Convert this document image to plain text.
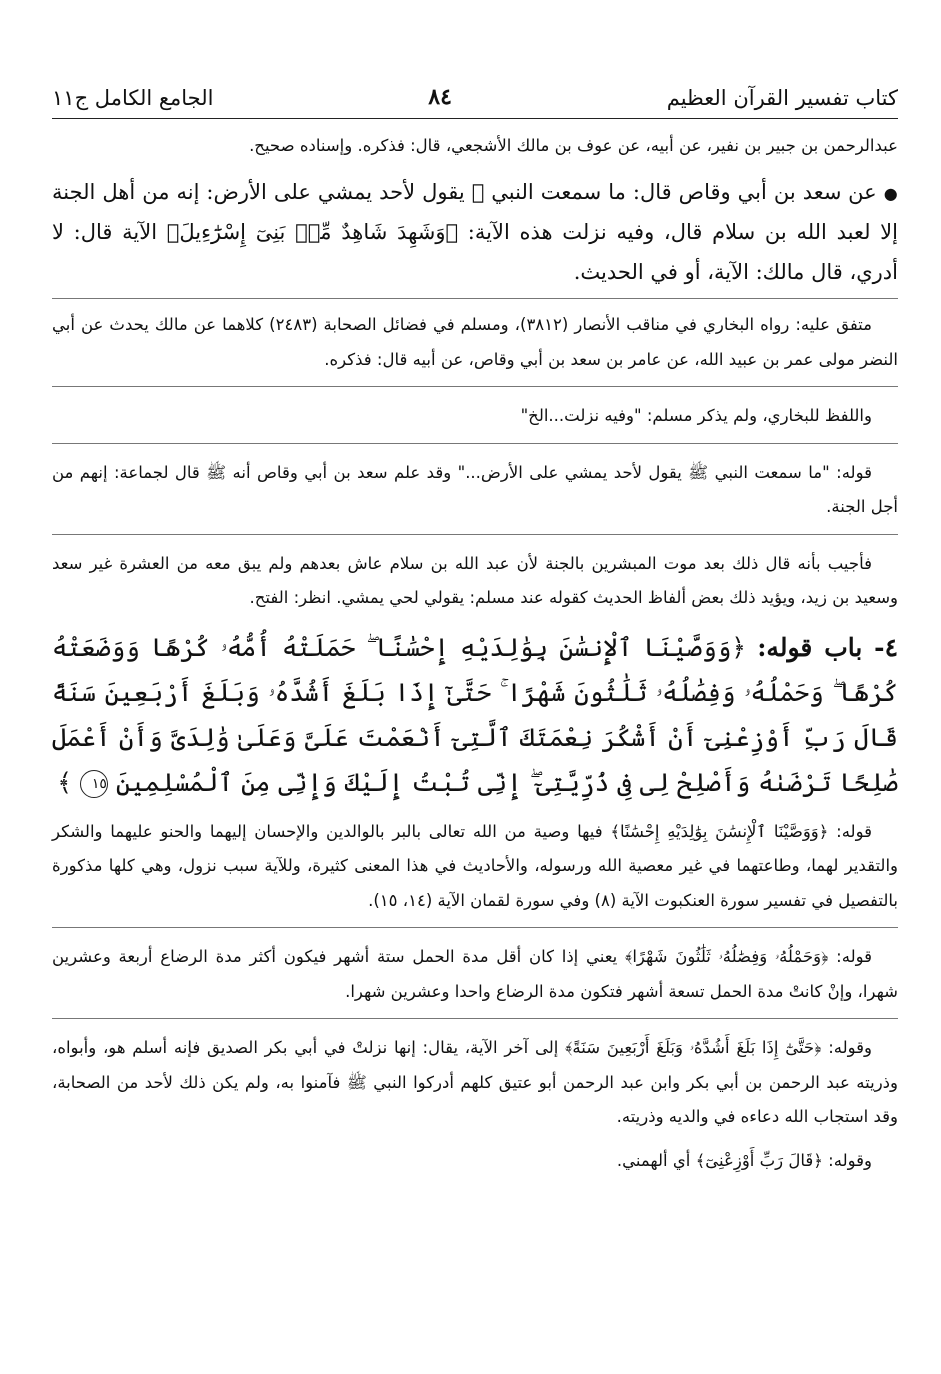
كتاب تفسير القرآن العظيم
٨٤
الجامع الكامل ج١١

عبدالرحمن بن جبير بن نفير، عن أبيه، عن عوف بن مالك الأشجعي، قال: فذكره. وإسناده صحيح.

● عن سعد بن أبي وقاص قال: ما سمعت النبي ﷺ يقول لأحد يمشي على الأرض: إنه من أهل الجنة إلا لعبد الله بن سلام قال، وفيه نزلت هذه الآية: ﴿وَشَهِدَ شَاهِدٌ مِّنۢ بَنِىٓ إِسْرَٰٓءِيلَ﴾ الآية قال: لا أدري، قال مالك: الآية، أو في الحديث.

متفق عليه: رواه البخاري في مناقب الأنصار (٣٨١٢)، ومسلم في فضائل الصحابة (٢٤٨٣) كلاهما عن مالك يحدث عن أبي النضر مولى عمر بن عبيد الله، عن عامر بن سعد بن أبي وقاص، عن أبيه قال: فذكره.

واللفظ للبخاري، ولم يذكر مسلم: "وفيه نزلت...الخ"

قوله: "ما سمعت النبي ﷺ يقول لأحد يمشي على الأرض..." وقد علم سعد بن أبي وقاص أنه ﷺ قال لجماعة: إنهم من أجل الجنة.

فأجيب بأنه قال ذلك بعد موت المبشرين بالجنة لأن عبد الله بن سلام عاش بعدهم ولم يبق معه من العشرة غير سعد وسعيد بن زيد، ويؤيد ذلك بعض ألفاظ الحديث كقوله عند مسلم: يقولي لحي يمشي. انظر: الفتح.

٤- باب قوله: ﴿وَوَصَّيْنَا ٱلْإِنسَٰنَ بِوَٰلِدَيْهِ إِحْسَٰنًا ۖ حَمَلَتْهُ أُمُّهُۥ كُرْهًا وَوَضَعَتْهُ كُرْهًا ۖ وَحَمْلُهُۥ وَفِصَٰلُهُۥ ثَلَٰثُونَ شَهْرًا ۚ حَتَّىٰٓ إِذَا بَلَغَ أَشُدَّهُۥ وَبَلَغَ أَرْبَعِينَ سَنَةً قَالَ رَبِّ أَوْزِعْنِىٓ أَنْ أَشْكُرَ نِعْمَتَكَ ٱلَّتِىٓ أَنْعَمْتَ عَلَىَّ وَعَلَىٰ وَٰلِدَىَّ وَأَنْ أَعْمَلَ صَٰلِحًا تَرْضَىٰهُ وَأَصْلِحْ لِى فِى ذُرِّيَّتِىٓ ۖ إِنِّى تُبْتُ إِلَيْكَ وَإِنِّى مِنَ ٱلْمُسْلِمِينَ ١٥ ﴾

قوله: ﴿وَوَصَّيْنَا ٱلْإِنسَٰنَ بِوَٰلِدَيْهِ إِحْسَٰنًا﴾ فيها وصية من الله تعالى بالبر بالوالدين والإحسان إليهما والحنو عليهما والشكر والتقدير لهما، وطاعتهما في غير معصية الله ورسوله، والأحاديث في هذا المعنى كثيرة، وللآية سبب نزول، وهي كلها مذكورة بالتفصيل في تفسير سورة العنكبوت الآية (٨) وفي سورة لقمان الآية (١٤، ١٥).

قوله: ﴿وَحَمْلُهُۥ وَفِصَٰلُهُۥ ثَلَٰثُونَ شَهْرًا﴾ يعني إذا كان أقل مدة الحمل ستة أشهر فيكون أكثر مدة الرضاع أربعة وعشرين شهرا، وإنْ كانتْ مدة الحمل تسعة أشهر فتكون مدة الرضاع واحدا وعشرين شهرا.

وقوله: ﴿حَتَّىٰٓ إِذَا بَلَغَ أَشُدَّهُۥ وَبَلَغَ أَرْبَعِينَ سَنَةً﴾ إلى آخر الآية، يقال: إنها نزلتْ في أبي بكر الصديق فإنه أسلم هو، وأبواه، وذريته عبد الرحمن بن أبي بكر وابن عبد الرحمن أبو عتيق كلهم أدركوا النبي ﷺ فآمنوا به، ولم يكن ذلك لأحد من الصحابة، وقد استجاب الله دعاءه في والديه وذريته.

وقوله: ﴿قَالَ رَبِّ أَوْزِعْنِىٓ﴾ أي ألهمني.
